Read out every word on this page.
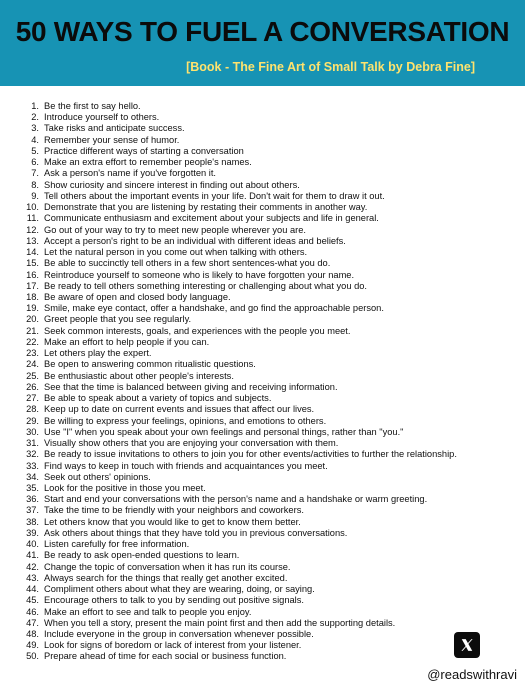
50 WAYS TO FUEL A CONVERSATION
[Book - The Fine Art of Small Talk by Debra Fine]
1. Be the first to say hello.
2. Introduce yourself to others.
3. Take risks and anticipate success.
4. Remember your sense of humor.
5. Practice different ways of starting a conversation
6. Make an extra effort to remember people's names.
7. Ask a person's name if you've forgotten it.
8. Show curiosity and sincere interest in finding out about others.
9. Tell others about the important events in your life. Don't wait for them to draw it out.
10. Demonstrate that you are listening by restating their comments in another way.
11. Communicate enthusiasm and excitement about your subjects and life in general.
12. Go out of your way to try to meet new people wherever you are.
13. Accept a person's right to be an individual with different ideas and beliefs.
14. Let the natural person in you come out when talking with others.
15. Be able to succinctly tell others in a few short sentences-what you do.
16. Reintroduce yourself to someone who is likely to have forgotten your name.
17. Be ready to tell others something interesting or challenging about what you do.
18. Be aware of open and closed body language.
19. Smile, make eye contact, offer a handshake, and go find the approachable person.
20. Greet people that you see regularly.
21. Seek common interests, goals, and experiences with the people you meet.
22. Make an effort to help people if you can.
23. Let others play the expert.
24. Be open to answering common ritualistic questions.
25. Be enthusiastic about other people's interests.
26. See that the time is balanced between giving and receiving information.
27. Be able to speak about a variety of topics and subjects.
28. Keep up to date on current events and issues that affect our lives.
29. Be willing to express your feelings, opinions, and emotions to others.
30. Use "I" when you speak about your own feelings and personal things, rather than "you."
31. Visually show others that you are enjoying your conversation with them.
32. Be ready to issue invitations to others to join you for other events/activities to further the relationship.
33. Find ways to keep in touch with friends and acquaintances you meet.
34. Seek out others' opinions.
35. Look for the positive in those you meet.
36. Start and end your conversations with the person's name and a handshake or warm greeting.
37. Take the time to be friendly with your neighbors and coworkers.
38. Let others know that you would like to get to know them better.
39. Ask others about things that they have told you in previous conversations.
40. Listen carefully for free information.
41. Be ready to ask open-ended questions to learn.
42. Change the topic of conversation when it has run its course.
43. Always search for the things that really get another excited.
44. Compliment others about what they are wearing, doing, or saying.
45. Encourage others to talk to you by sending out positive signals.
46. Make an effort to see and talk to people you enjoy.
47. When you tell a story, present the main point first and then add the supporting details.
48. Include everyone in the group in conversation whenever possible.
49. Look for signs of boredom or lack of interest from your listener.
50. Prepare ahead of time for each social or business function.
@readswithravi
